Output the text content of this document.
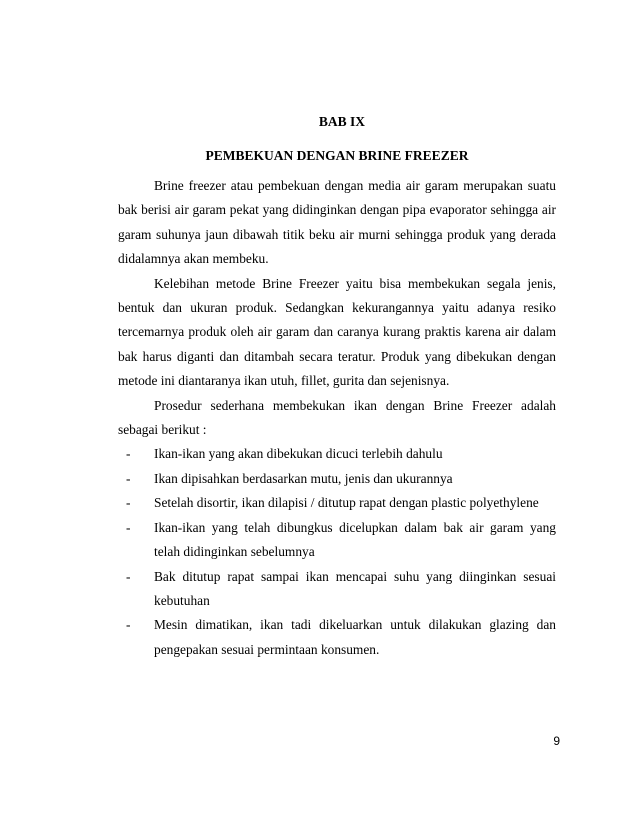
BAB IX
PEMBEKUAN DENGAN BRINE FREEZER

Brine freezer atau pembekuan dengan media air garam merupakan suatu bak berisi air garam pekat yang didinginkan dengan pipa evaporator sehingga air garam suhunya jaun dibawah titik beku air murni sehingga produk yang derada didalamnya akan membeku.

Kelebihan metode Brine Freezer yaitu bisa membekukan segala jenis, bentuk dan ukuran produk. Sedangkan kekurangannya yaitu adanya resiko tercemarnya produk oleh air garam dan caranya kurang praktis karena air dalam bak harus diganti dan ditambah secara teratur. Produk yang dibekukan dengan metode ini diantaranya ikan utuh, fillet, gurita dan sejenisnya.

Prosedur sederhana membekukan ikan dengan Brine Freezer adalah sebagai berikut :

- Ikan-ikan yang akan dibekukan dicuci terlebih dahulu
- Ikan dipisahkan berdasarkan mutu, jenis dan ukurannya
- Setelah disortir, ikan dilapisi / ditutup rapat dengan plastic polyethylene
- Ikan-ikan yang telah dibungkus dicelupkan dalam bak air garam yang telah didinginkan sebelumnya
- Bak ditutup rapat sampai ikan mencapai suhu yang diinginkan sesuai kebutuhan
- Mesin dimatikan, ikan tadi dikeluarkan untuk dilakukan glazing dan pengepakan sesuai permintaan konsumen.
9
